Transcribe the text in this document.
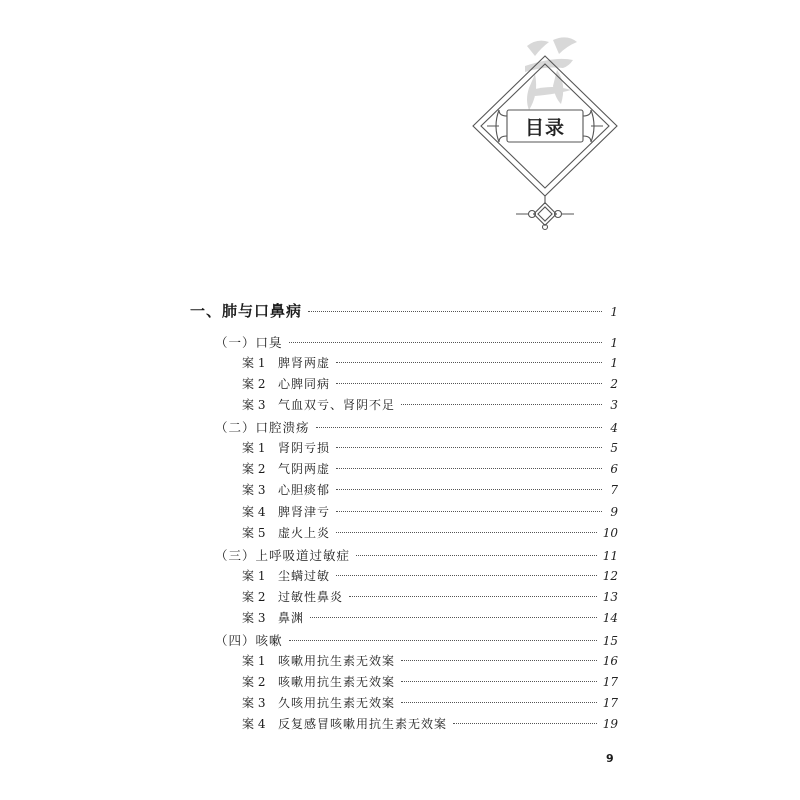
目录
一、肺与口鼻病	1
（一）口臭	1
案 1	脾肾两虚	1
案 2	心脾同病	2
案 3	气血双亏、肾阴不足	3
（二）口腔溃疡	4
案 1	肾阴亏损	5
案 2	气阴两虚	6
案 3	心胆痰郁	7
案 4	脾肾津亏	9
案 5	虚火上炎	10
（三）上呼吸道过敏症	11
案 1	尘螨过敏	12
案 2	过敏性鼻炎	13
案 3	鼻渊	14
（四）咳嗽	15
案 1	咳嗽用抗生素无效案	16
案 2	咳嗽用抗生素无效案	17
案 3	久咳用抗生素无效案	17
案 4	反复感冒咳嗽用抗生素无效案	19
9
